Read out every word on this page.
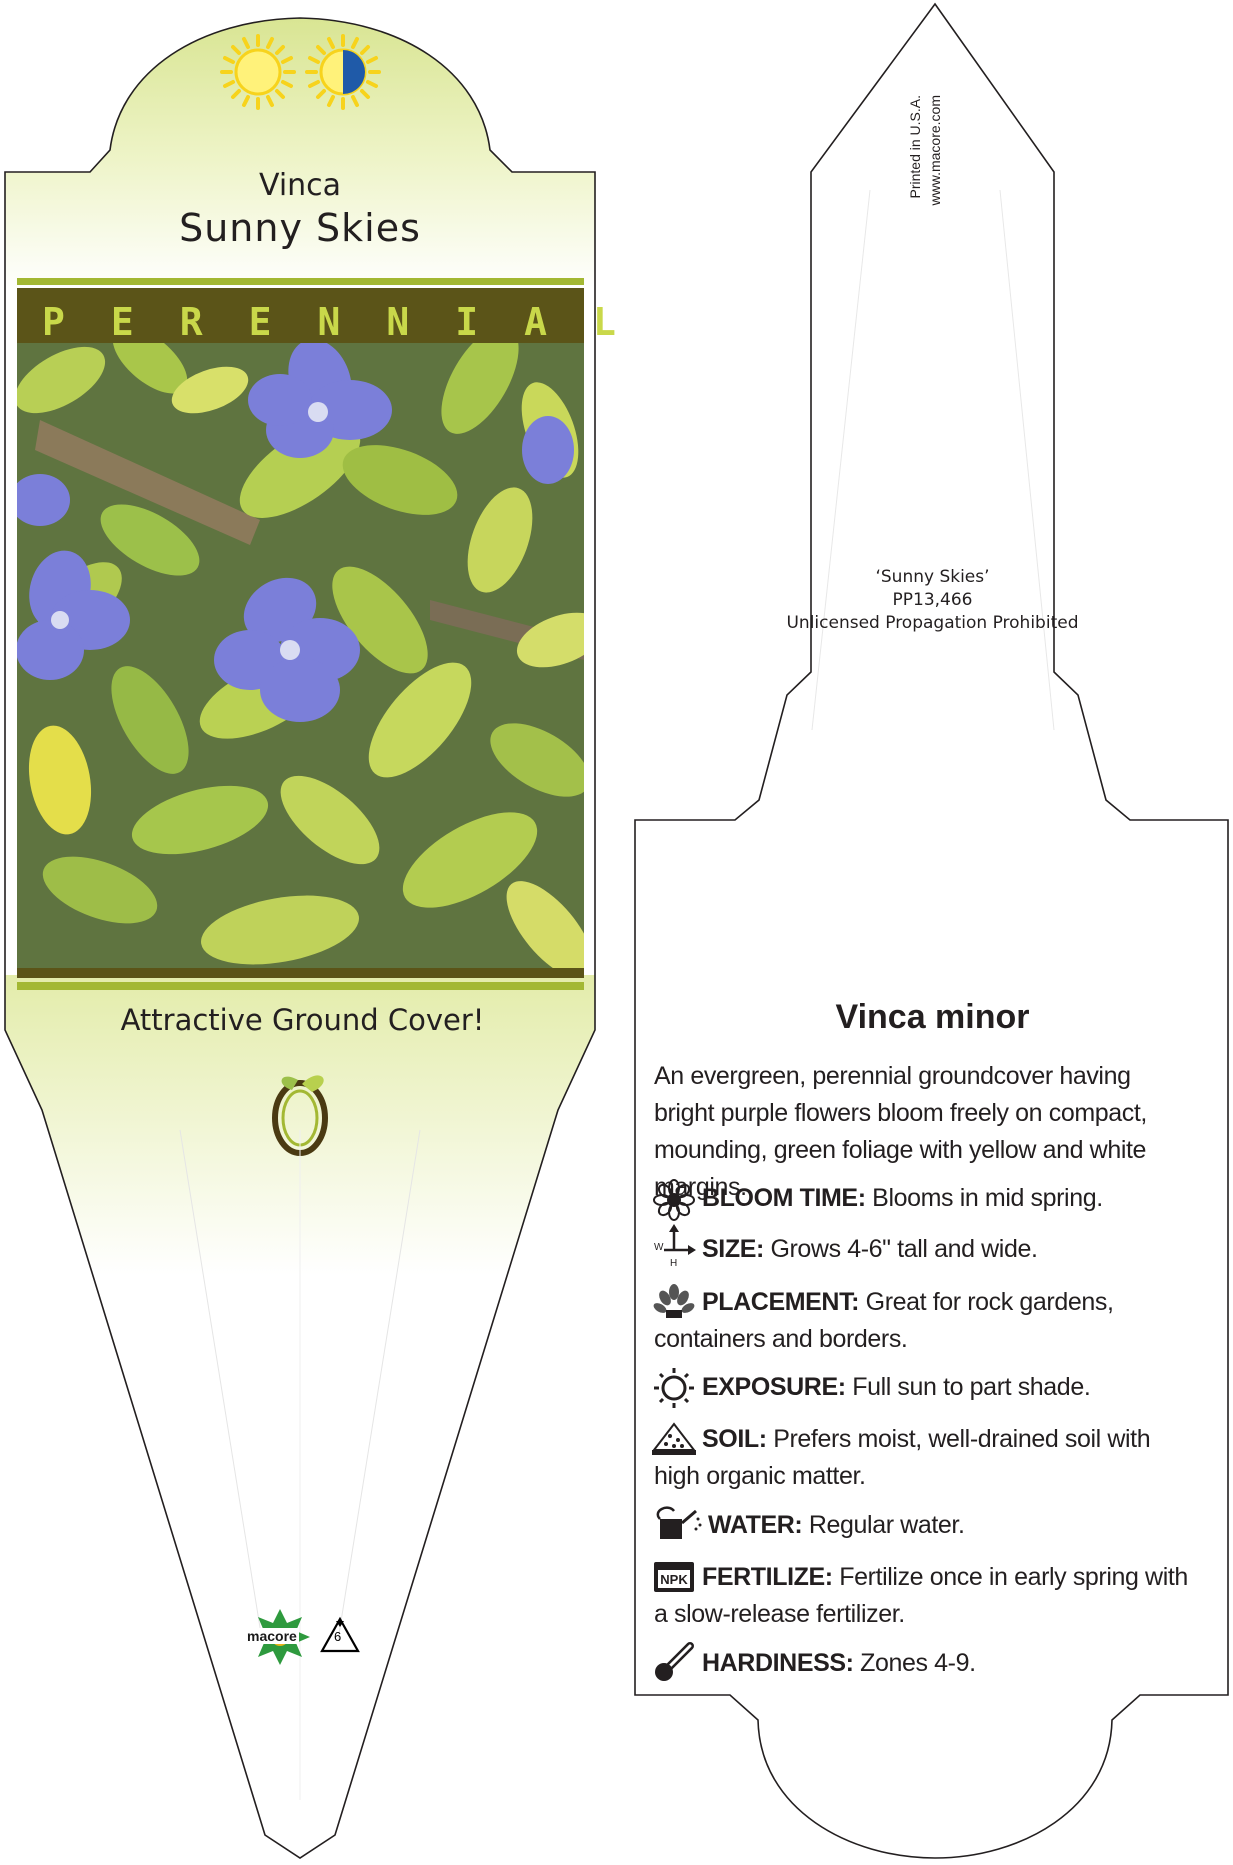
W
H
NPK
Vinca
Sunny Skies
PERENNIAL
Attractive Ground Cover!
macore	6
Printed in U.S.A. www.macore.com
‘Sunny Skies’
PP13,466
Unlicensed Propagation Prohibited
Vinca minor
An evergreen, perennial groundcover having bright purple flowers bloom freely on compact, mounding, green foliage with yellow and white margins.
BLOOM TIME: Blooms in mid spring.
SIZE: Grows 4-6" tall and wide.
PLACEMENT: Great for rock gardens, containers and borders.
EXPOSURE: Full sun to part shade.
SOIL: Prefers moist, well-drained soil with high organic matter.
WATER: Regular water.
FERTILIZE: Fertilize once in early spring with a slow-release fertilizer.
HARDINESS: Zones 4-9.
